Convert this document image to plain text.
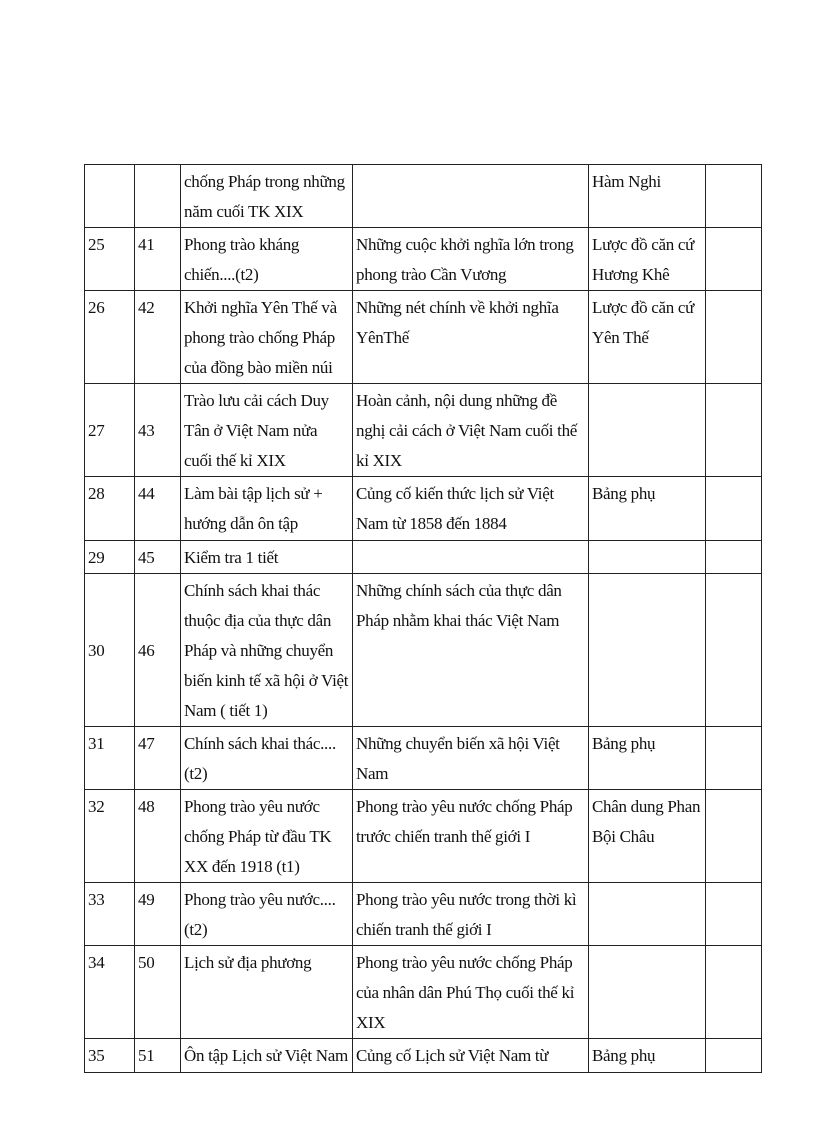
		chống Pháp trong những năm cuối TK XIX		Hàm Nghi	
25	41	Phong trào kháng chiến....(t2)	Những cuộc khởi nghĩa lớn trong phong trào Cần Vương	Lược đồ căn cứ Hương Khê	
26	42	Khởi nghĩa Yên Thế và phong trào chống Pháp của đồng bào miền núi	Những nét chính về khởi nghĩa YênThế	Lược đồ căn cứ Yên Thế	
27	43	Trào lưu cải cách Duy Tân ở Việt Nam nửa cuối thế kỉ XIX	Hoàn cảnh, nội dung những đề nghị cải cách ở Việt Nam cuối thế kỉ XIX		
28	44	Làm bài tập lịch sử + hướng dẫn ôn tập	Củng cố kiến thức lịch sử Việt Nam từ 1858 đến 1884	Bảng phụ	
29	45	Kiểm tra 1 tiết			
30	46	Chính sách khai thác thuộc địa của thực dân Pháp và những chuyển biến kinh tế xã hội ở Việt Nam ( tiết 1)	Những chính sách của thực dân Pháp nhằm khai thác Việt Nam		
31	47	Chính sách khai thác....(t2)	Những chuyển biến xã hội Việt Nam	Bảng phụ	
32	48	Phong trào yêu nước chống Pháp từ đầu TK XX đến 1918 (t1)	Phong trào yêu nước chống Pháp trước chiến tranh thế giới I	Chân dung Phan Bội Châu	
33	49	Phong trào yêu nước....(t2)	Phong trào yêu nước trong thời kì chiến tranh thế giới I		
34	50	Lịch sử địa phương	Phong trào yêu nước chống Pháp của nhân dân Phú Thọ cuối thế kỉ XIX		
35	51	Ôn tập Lịch sử Việt Nam	Củng cố Lịch sử Việt Nam từ	Bảng phụ	
